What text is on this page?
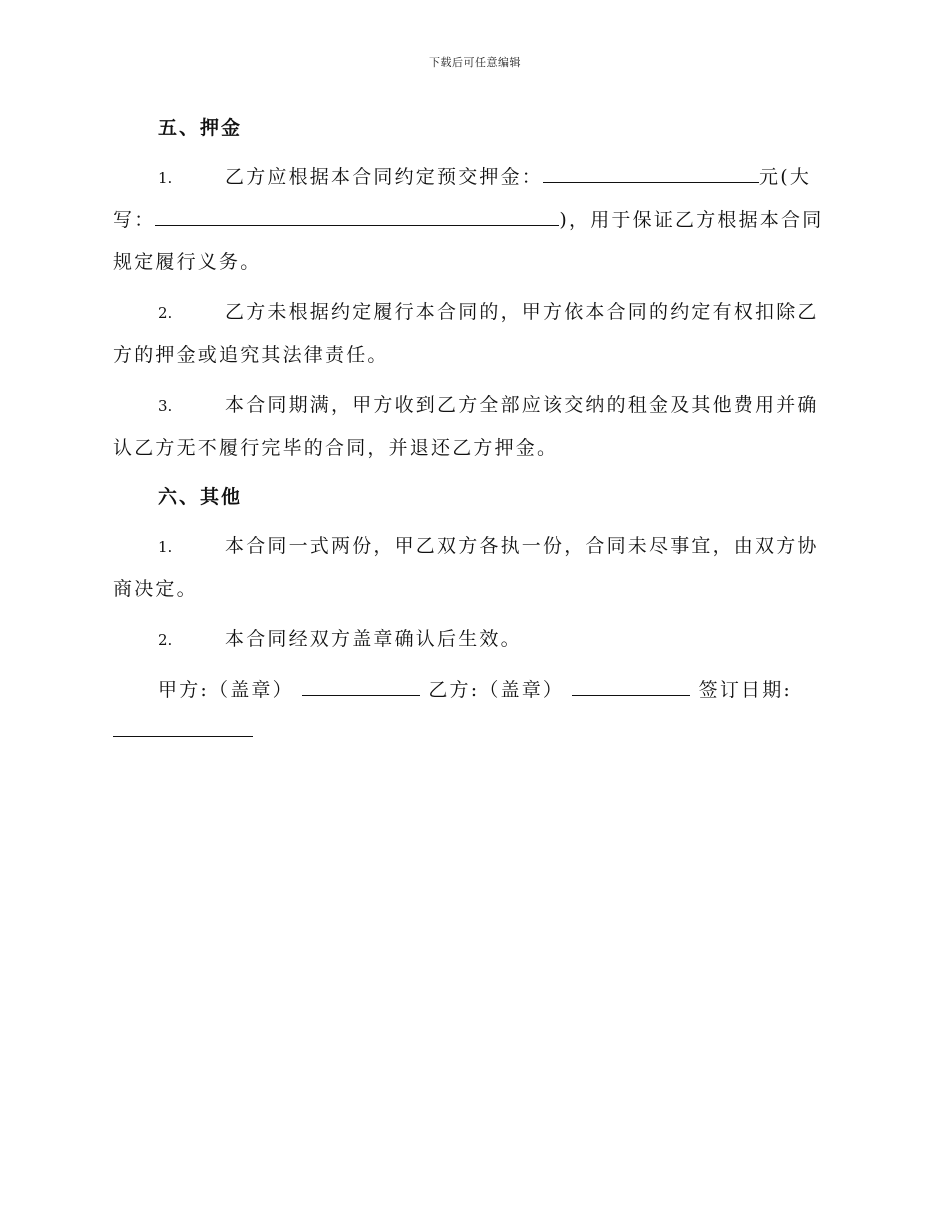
下载后可任意编辑
五、押金
1.	乙方应根据本合同约定预交押金：	元(大
写：	)，用于保证乙方根据本合同
规定履行义务。
2.	乙方未根据约定履行本合同的，甲方依本合同的约定有权扣除乙方的押金或追究其法律责任。
3.	本合同期满，甲方收到乙方全部应该交纳的租金及其他费用并确认乙方无不履行完毕的合同，并退还乙方押金。
六、其他
1.	本合同一式两份，甲乙双方各执一份，合同未尽事宜，由双方协商决定。
2.	本合同经双方盖章确认后生效。
甲方:（盖章）	乙方:（盖章）	签订日期:
